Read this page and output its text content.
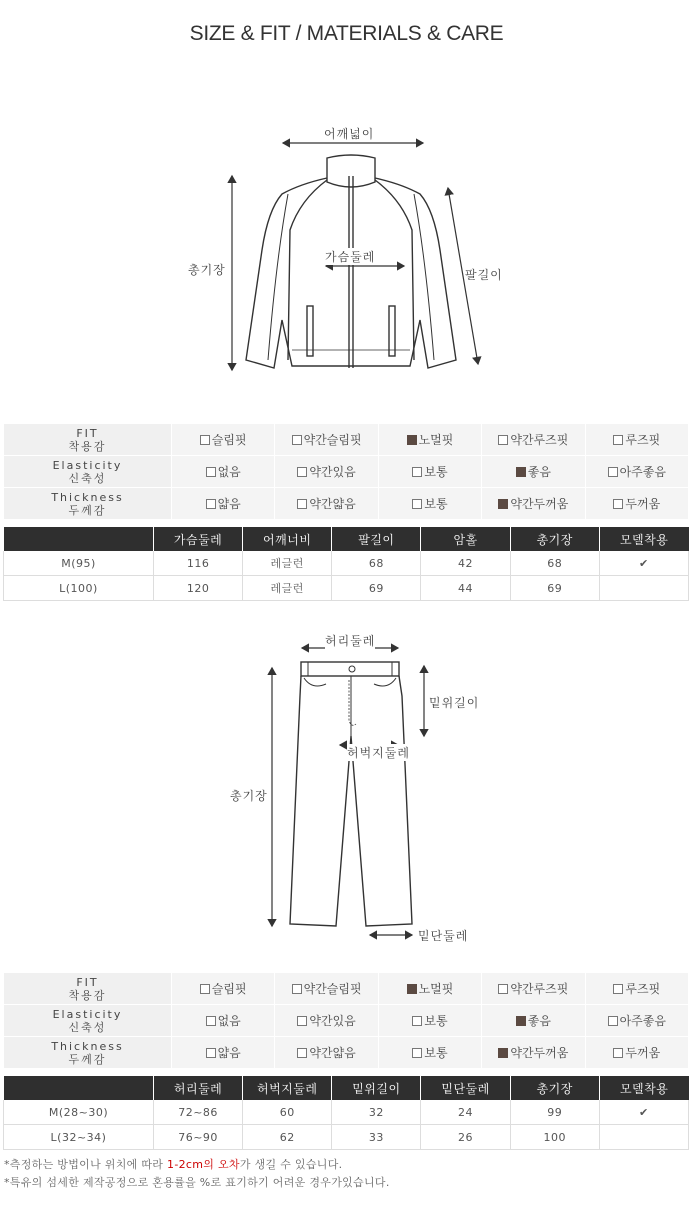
SIZE & FIT / MATERIALS & CARE
어깨넓이
가슴둘레
총기장	팔길이
FIT
착용감	슬림핏	약간슬림핏	노멀핏	약간루즈핏	루즈핏

Elasticity
신축성	없음	약간있음	보통	좋음	아주좋음

Thickness
두께감	얇음	약간얇음	보통	약간두꺼움	두꺼움
	가슴둘레	어깨너비	팔길이	암홀	총기장	모델착용
M(95)	116	레글런	68	42	68	✔
L(100)	120	레글런	69	44	69	
허리둘레
밑위길이
허벅지둘레
총기장
밑단둘레
FIT
착용감	슬림핏	약간슬림핏	노멀핏	약간루즈핏	루즈핏

Elasticity
신축성	없음	약간있음	보통	좋음	아주좋음

Thickness
두께감	얇음	약간얇음	보통	약간두꺼움	두꺼움
	허리둘레	허벅지둘레	밑위길이	밑단둘레	총기장	모델착용
M(28~30)	72~86	60	32	24	99	✔
L(32~34)	76~90	62	33	26	100	
*측정하는 방법이나 위치에 따라 1-2cm의 오차가 생길 수 있습니다.
*특유의 섬세한 제작공정으로 혼용률을 %로 표기하기 어려운 경우가있습니다.
